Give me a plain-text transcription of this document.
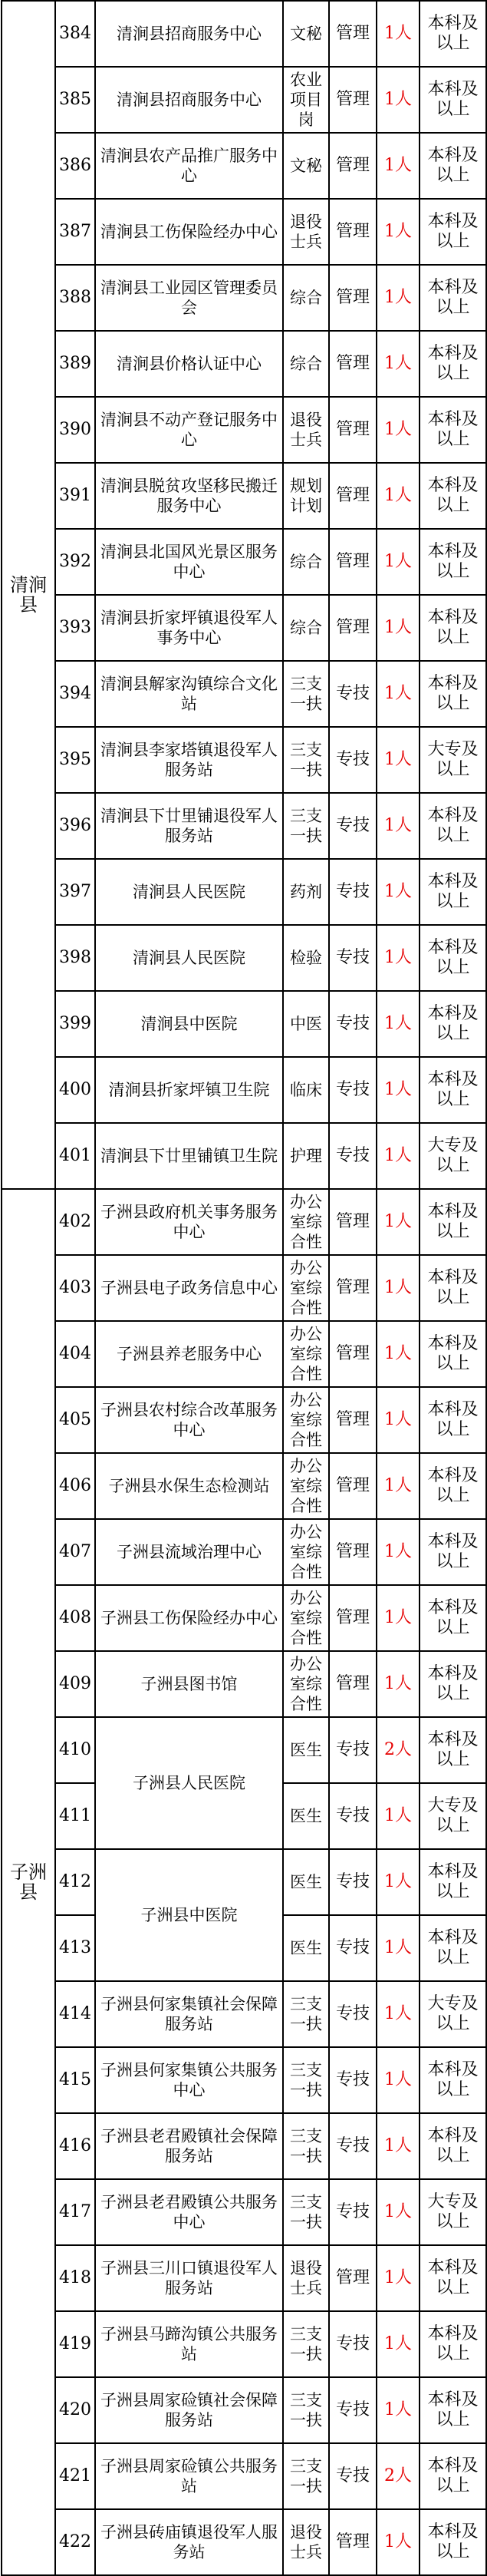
清涧县	384	清涧县招商服务中心	文秘	管理	1人	本科及以上
	385	清涧县招商服务中心	农业项目岗	管理	1人	本科及以上
	386	清涧县农产品推广服务中心	文秘	管理	1人	本科及以上
	387	清涧县工伤保险经办中心	退役士兵	管理	1人	本科及以上
	388	清涧县工业园区管理委员会	综合	管理	1人	本科及以上
	389	清涧县价格认证中心	综合	管理	1人	本科及以上
	390	清涧县不动产登记服务中心	退役士兵	管理	1人	本科及以上
	391	清涧县脱贫攻坚移民搬迁服务中心	规划计划	管理	1人	本科及以上
	392	清涧县北国风光景区服务中心	综合	管理	1人	本科及以上
	393	清涧县折家坪镇退役军人事务中心	综合	管理	1人	本科及以上
	394	清涧县解家沟镇综合文化站	三支一扶	专技	1人	本科及以上
	395	清涧县李家塔镇退役军人服务站	三支一扶	专技	1人	大专及以上
	396	清涧县下廿里铺退役军人服务站	三支一扶	专技	1人	本科及以上
	397	清涧县人民医院	药剂	专技	1人	本科及以上
	398	清涧县人民医院	检验	专技	1人	本科及以上
	399	清涧县中医院	中医	专技	1人	本科及以上
	400	清涧县折家坪镇卫生院	临床	专技	1人	本科及以上
	401	清涧县下廿里铺镇卫生院	护理	专技	1人	大专及以上
子洲县	402	子洲县政府机关事务服务中心	办公室综合性	管理	1人	本科及以上
	403	子洲县电子政务信息中心	办公室综合性	管理	1人	本科及以上
	404	子洲县养老服务中心	办公室综合性	管理	1人	本科及以上
	405	子洲县农村综合改革服务中心	办公室综合性	管理	1人	本科及以上
	406	子洲县水保生态检测站	办公室综合性	管理	1人	本科及以上
	407	子洲县流域治理中心	办公室综合性	管理	1人	本科及以上
	408	子洲县工伤保险经办中心	办公室综合性	管理	1人	本科及以上
	409	子洲县图书馆	办公室综合性	管理	1人	本科及以上
	410	子洲县人民医院	医生	专技	2人	本科及以上
	411		医生	专技	1人	大专及以上
	412	子洲县中医院	医生	专技	1人	本科及以上
	413		医生	专技	1人	本科及以上
	414	子洲县何家集镇社会保障服务站	三支一扶	专技	1人	大专及以上
	415	子洲县何家集镇公共服务中心	三支一扶	专技	1人	本科及以上
	416	子洲县老君殿镇社会保障服务站	三支一扶	专技	1人	本科及以上
	417	子洲县老君殿镇公共服务中心	三支一扶	专技	1人	大专及以上
	418	子洲县三川口镇退役军人服务站	退役士兵	管理	1人	本科及以上
	419	子洲县马蹄沟镇公共服务站	三支一扶	专技	1人	本科及以上
	420	子洲县周家硷镇社会保障服务站	三支一扶	专技	1人	本科及以上
	421	子洲县周家硷镇公共服务站	三支一扶	专技	2人	本科及以上
	422	子洲县砖庙镇退役军人服务站	退役士兵	管理	1人	本科及以上
